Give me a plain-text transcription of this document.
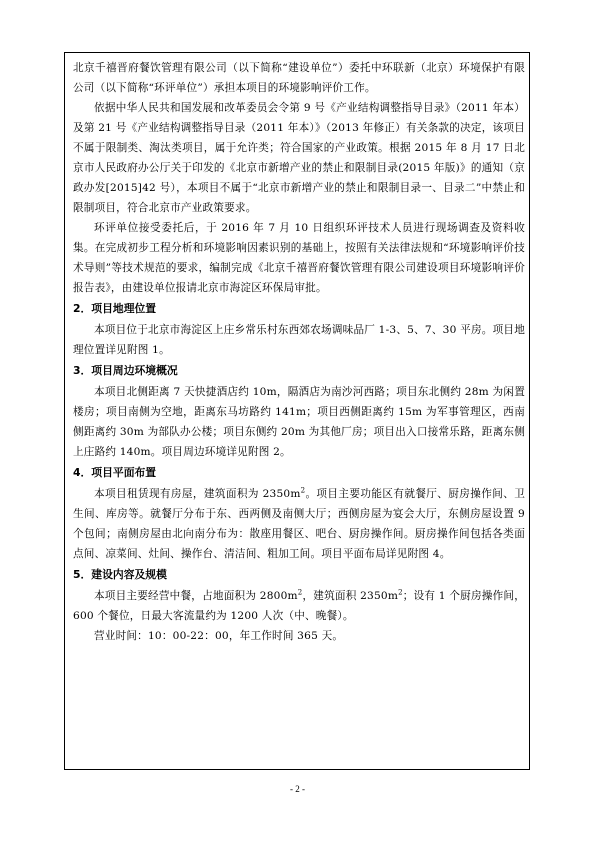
北京千禧晋府餐饮管理有限公司（以下简称“建设单位”）委托中环联新（北京）环境保护有限公司（以下简称“环评单位”）承担本项目的环境影响评价工作。

依据中华人民共和国发展和改革委员会令第 9 号《产业结构调整指导目录》（2011 年本）及第 21 号《产业结构调整指导目录（2011 年本）》（2013 年修正）有关条款的决定，该项目不属于限制类、淘汰类项目，属于允许类；符合国家的产业政策。根据 2015 年 8 月 17 日北京市人民政府办公厅关于印发的《北京市新增产业的禁止和限制目录(2015 年版)》的通知（京政办发[2015]42 号），本项目不属于“北京市新增产业的禁止和限制目录一、目录二”中禁止和限制项目，符合北京市产业政策要求。

环评单位接受委托后，于 2016 年 7 月 10 日组织环评技术人员进行现场调查及资料收集。在完成初步工程分析和环境影响因素识别的基础上，按照有关法律法规和“环境影响评价技术导则”等技术规范的要求，编制完成《北京千禧晋府餐饮管理有限公司建设项目环境影响评价报告表》，由建设单位报请北京市海淀区环保局审批。

2．项目地理位置

本项目位于北京市海淀区上庄乡常乐村东西郊农场调味品厂 1-3、5、7、30 平房。项目地理位置详见附图 1。

3．项目周边环境概况

本项目北侧距离 7 天快捷酒店约 10m，隔酒店为南沙河西路；项目东北侧约 28m 为闲置楼房；项目南侧为空地，距离东马坊路约 141m；项目西侧距离约 15m 为军事管理区，西南侧距离约 30m 为部队办公楼；项目东侧约 20m 为其他厂房；项目出入口接常乐路，距离东侧上庄路约 140m。项目周边环境详见附图 2。

4．项目平面布置

本项目租赁现有房屋，建筑面积为 $2350m^2$。项目主要功能区有就餐厅、厨房操作间、卫生间、库房等。就餐厅分布于东、西两侧及南侧大厅；西侧房屋为宴会大厅，东侧房屋设置 9 个包间；南侧房屋由北向南分布为：散座用餐区、吧台、厨房操作间。厨房操作间包括各类面点间、凉菜间、灶间、操作台、清洁间、粗加工间。项目平面布局详见附图 4。

5．建设内容及规模

本项目主要经营中餐，占地面积为 $2800m^2$，建筑面积 $2350m^2$；设有 1 个厨房操作间，600 个餐位，日最大客流量约为 1200 人次（中、晚餐）。

营业时间：10：00-22：00，年工作时间 365 天。

- 2 -
